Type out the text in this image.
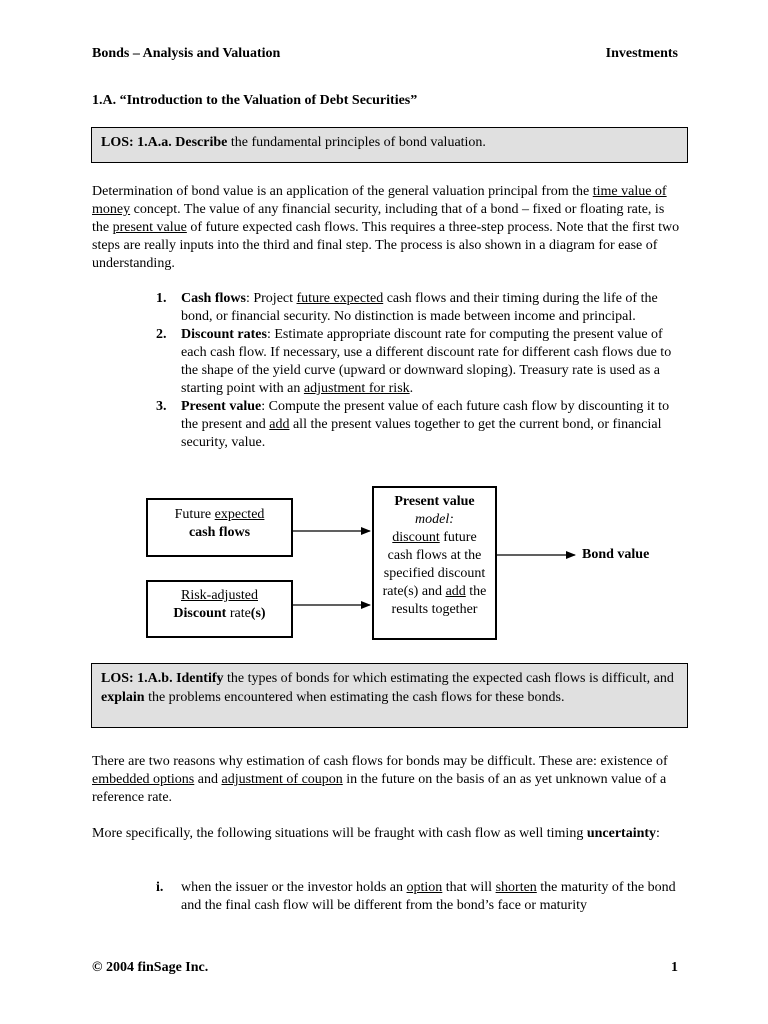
Bonds – Analysis and Valuation	Investments
1.A. “Introduction to the Valuation of Debt Securities”
LOS: 1.A.a. Describe the fundamental principles of bond valuation.
Determination of bond value is an application of the general valuation principal from the time value of money concept. The value of any financial security, including that of a bond – fixed or floating rate, is the present value of future expected cash flows. This requires a three-step process. Note that the first two steps are really inputs into the third and final step. The process is also shown in a diagram for ease of understanding.
1. Cash flows: Project future expected cash flows and their timing during the life of the bond, or financial security. No distinction is made between income and principal.
2. Discount rates: Estimate appropriate discount rate for computing the present value of each cash flow. If necessary, use a different discount rate for different cash flows due to the shape of the yield curve (upward or downward sloping). Treasury rate is used as a starting point with an adjustment for risk.
3. Present value: Compute the present value of each future cash flow by discounting it to the present and add all the present values together to get the current bond, or financial security, value.
Future expected
cash flows
Risk-adjusted
Discount rate(s)
Present value
model:
discount future cash flows at the specified discount rate(s) and add the results together
Bond value
LOS: 1.A.b. Identify the types of bonds for which estimating the expected cash flows is difficult, and explain the problems encountered when estimating the cash flows for these bonds.
There are two reasons why estimation of cash flows for bonds may be difficult. These are: existence of embedded options and adjustment of coupon in the future on the basis of an as yet unknown value of a reference rate.
More specifically, the following situations will be fraught with cash flow as well timing uncertainty:
i. when the issuer or the investor holds an option that will shorten the maturity of the bond and the final cash flow will be different from the bond’s face or maturity
© 2004 finSage Inc.	1
